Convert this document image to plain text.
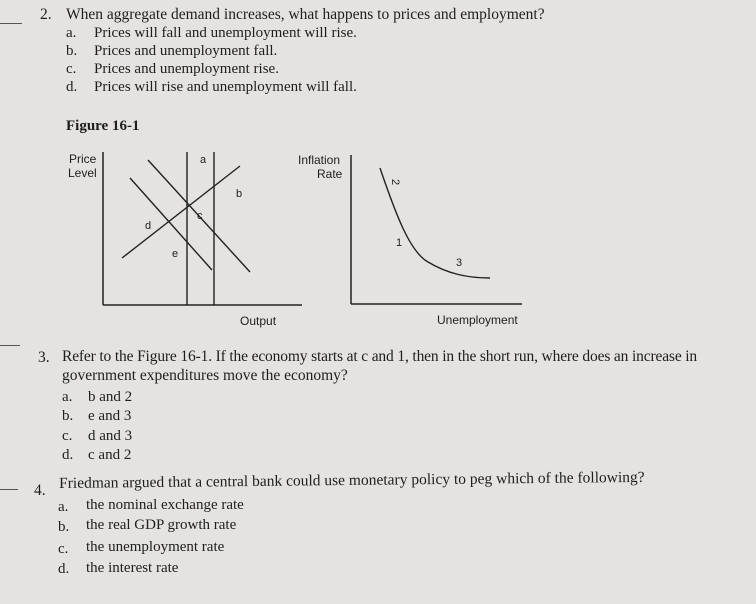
2. When aggregate demand increases, what happens to prices and employment?
a. Prices will fall and unemployment will rise.
b. Prices and unemployment fall.
c. Prices and unemployment rise.
d. Prices will rise and unemployment will fall.
Figure 16-1
a
b
c
d
e
2
1
3
Price
Level
Output
Inflation
Rate
Unemployment
3. Refer to the Figure 16-1. If the economy starts at c and 1, then in the short run, where does an increase in
government expenditures move the economy?
a. b and 2
b. e and 3
c. d and 3
d. c and 2
4. Friedman argued that a central bank could use monetary policy to peg which of the following?
a. the nominal exchange rate
b. the real GDP growth rate
c. the unemployment rate
d. the interest rate
